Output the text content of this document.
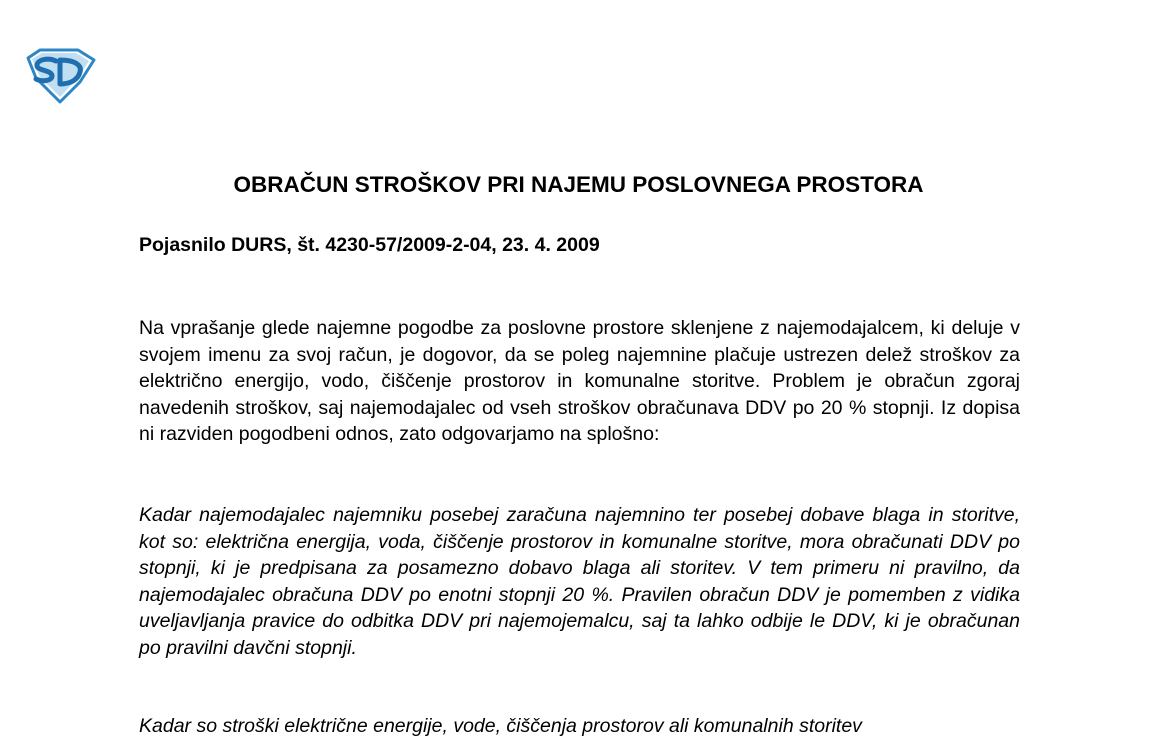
OBRAČUN STROŠKOV PRI NAJEMU POSLOVNEGA PROSTORA

Pojasnilo DURS, št. 4230-57/2009-2-04, 23. 4. 2009

Na vprašanje glede najemne pogodbe za poslovne prostore sklenjene z najemodajalcem, ki deluje v svojem imenu za svoj račun, je dogovor, da se poleg najemnine plačuje ustrezen delež stroškov za električno energijo, vodo, čiščenje prostorov in komunalne storitve. Problem je obračun zgoraj navedenih stroškov, saj najemodajalec od vseh stroškov obračunava DDV po 20 % stopnji. Iz dopisa ni razviden pogodbeni odnos, zato odgovarjamo na splošno:

Kadar najemodajalec najemniku posebej zaračuna najemnino ter posebej dobave blaga in storitve, kot so: električna energija, voda, čiščenje prostorov in komunalne storitve, mora obračunati DDV po stopnji, ki je predpisana za posamezno dobavo blaga ali storitev. V tem primeru ni pravilno, da najemodajalec obračuna DDV po enotni stopnji 20 %. Pravilen obračun DDV je pomemben z vidika uveljavljanja pravice do odbitka DDV pri najemojemalcu, saj ta lahko odbije le DDV, ki je obračunan po pravilni davčni stopnji.

Kadar so stroški električne energije, vode, čiščenja prostorov ali komunalnih storitev
